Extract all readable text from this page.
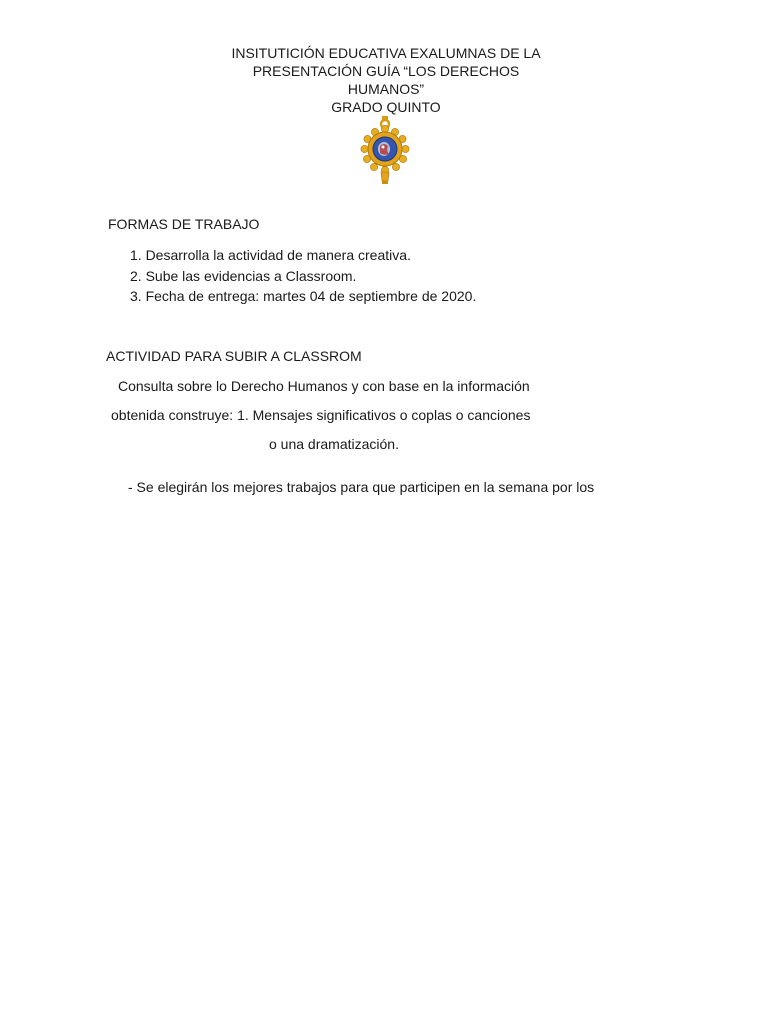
INSITUTICIÓN EDUCATIVA EXALUMNAS DE LA
PRESENTACIÓN GUÍA “LOS DERECHOS
HUMANOS”
GRADO QUINTO
FORMAS DE TRABAJO
1. Desarrolla la actividad de manera creativa.
2. Sube las evidencias a Classroom.
3. Fecha de entrega: martes 04 de septiembre de 2020.
ACTIVIDAD PARA SUBIR A CLASSROM
Consulta sobre lo Derecho Humanos y con base en la información
obtenida construye: 1. Mensajes significativos o coplas o canciones
o una dramatización.
- Se elegirán los mejores trabajos para que participen en la semana por los
